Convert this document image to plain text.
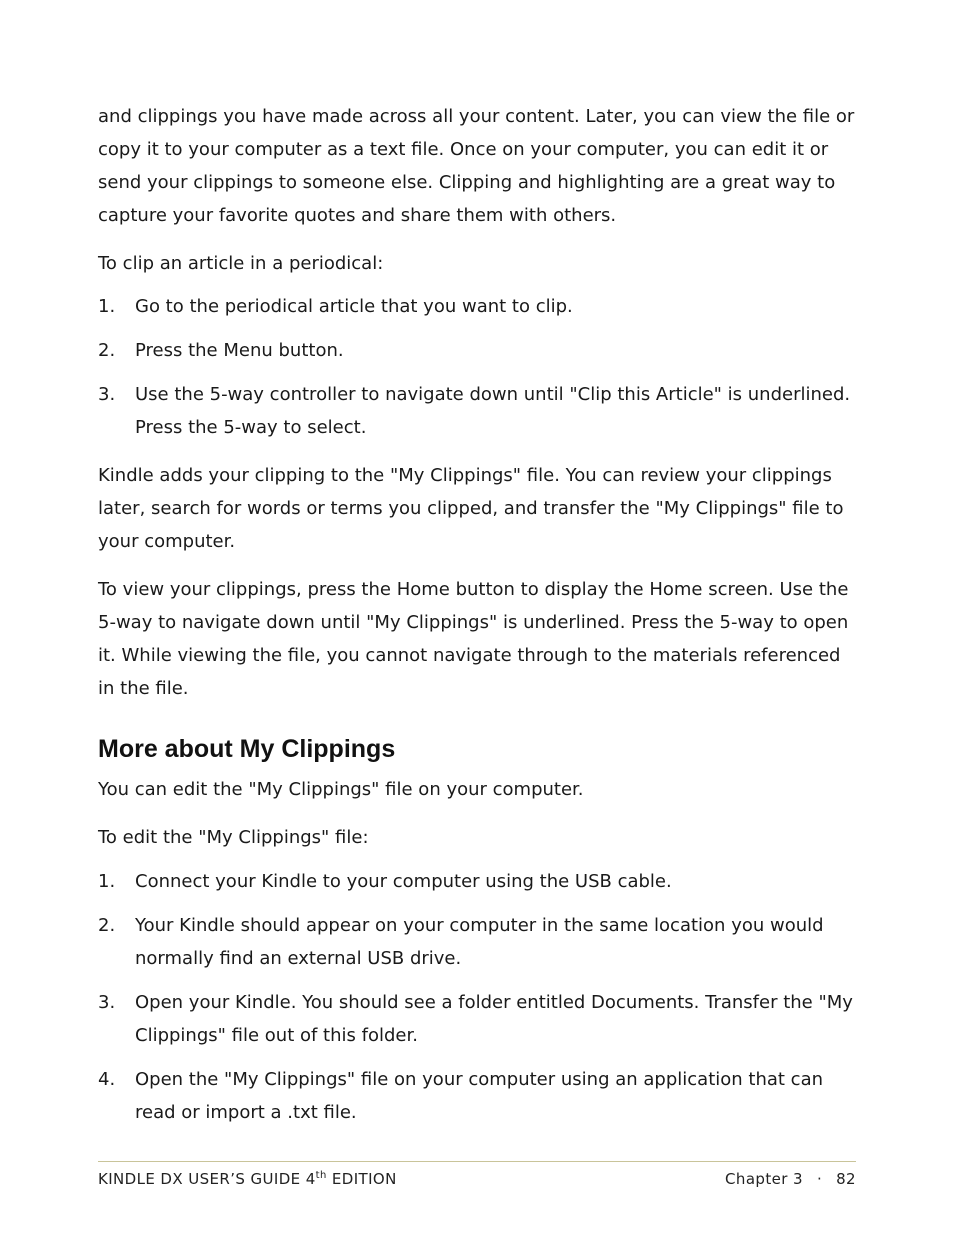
and clippings you have made across all your content. Later, you can view the file or copy it to your computer as a text file. Once on your computer, you can edit it or send your clippings to someone else. Clipping and highlighting are a great way to capture your favorite quotes and share them with others.

To clip an article in a periodical:

1.	Go to the periodical article that you want to clip.
2.	Press the Menu button.
3.	Use the 5-way controller to navigate down until "Clip this Article" is underlined. Press the 5-way to select.

Kindle adds your clipping to the "My Clippings" file. You can review your clippings later, search for words or terms you clipped, and transfer the "My Clippings" file to your computer.

To view your clippings, press the Home button to display the Home screen. Use the 5-way to navigate down until "My Clippings" is underlined. Press the 5-way to open it. While viewing the file, you cannot navigate through to the materials referenced in the file.

More about My Clippings

You can edit the "My Clippings" file on your computer.

To edit the "My Clippings" file:

1.	Connect your Kindle to your computer using the USB cable.
2.	Your Kindle should appear on your computer in the same location you would normally find an external USB drive.
3.	Open your Kindle. You should see a folder entitled Documents. Transfer the "My Clippings" file out of this folder.
4.	Open the "My Clippings" file on your computer using an application that can read or import a .txt file.
KINDLE DX USER’S GUIDE 4th EDITION	Chapter 3 · 82
